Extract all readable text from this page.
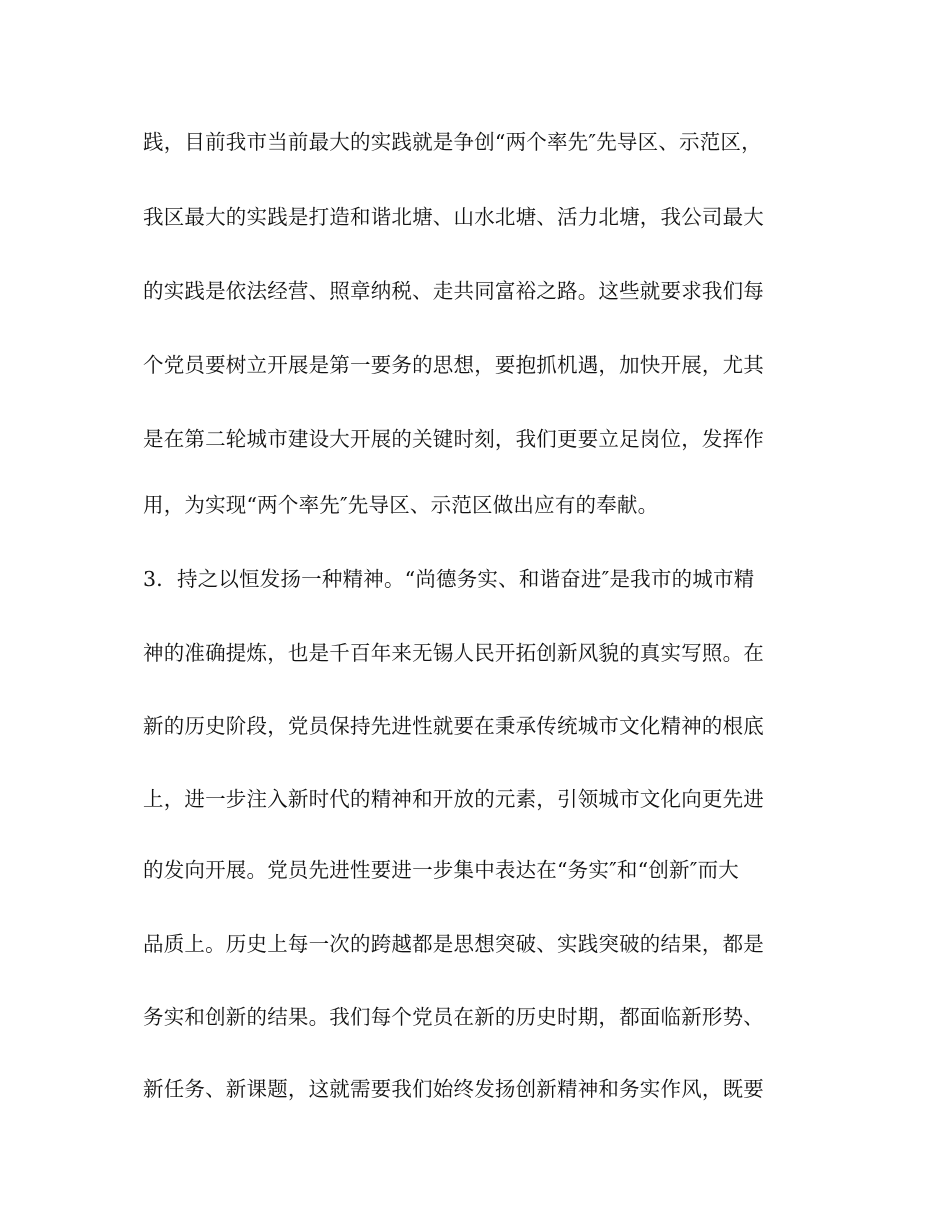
践，目前我市当前最大的实践就是争创“两个率先″先导区、示范区，
我区最大的实践是打造和谐北塘、山水北塘、活力北塘，我公司最大
的实践是依法经营、照章纳税、走共同富裕之路。这些就要求我们每
个党员要树立开展是第一要务的思想，要抱抓机遇，加快开展，尤其
是在第二轮城市建设大开展的关键时刻，我们更要立足岗位，发挥作
用，为实现“两个率先″先导区、示范区做出应有的奉献。
3．持之以恒发扬一种精神。“尚德务实、和谐奋进″是我市的城市精
神的准确提炼，也是千百年来无锡人民开拓创新风貌的真实写照。在
新的历史阶段，党员保持先进性就要在秉承传统城市文化精神的根底
上，进一步注入新时代的精神和开放的元素，引领城市文化向更先进
的发向开展。党员先进性要进一步集中表达在“务实″和“创新″而大
品质上。历史上每一次的跨越都是思想突破、实践突破的结果，都是
务实和创新的结果。我们每个党员在新的历史时期，都面临新形势、
新任务、新课题，这就需要我们始终发扬创新精神和务实作风，既要
